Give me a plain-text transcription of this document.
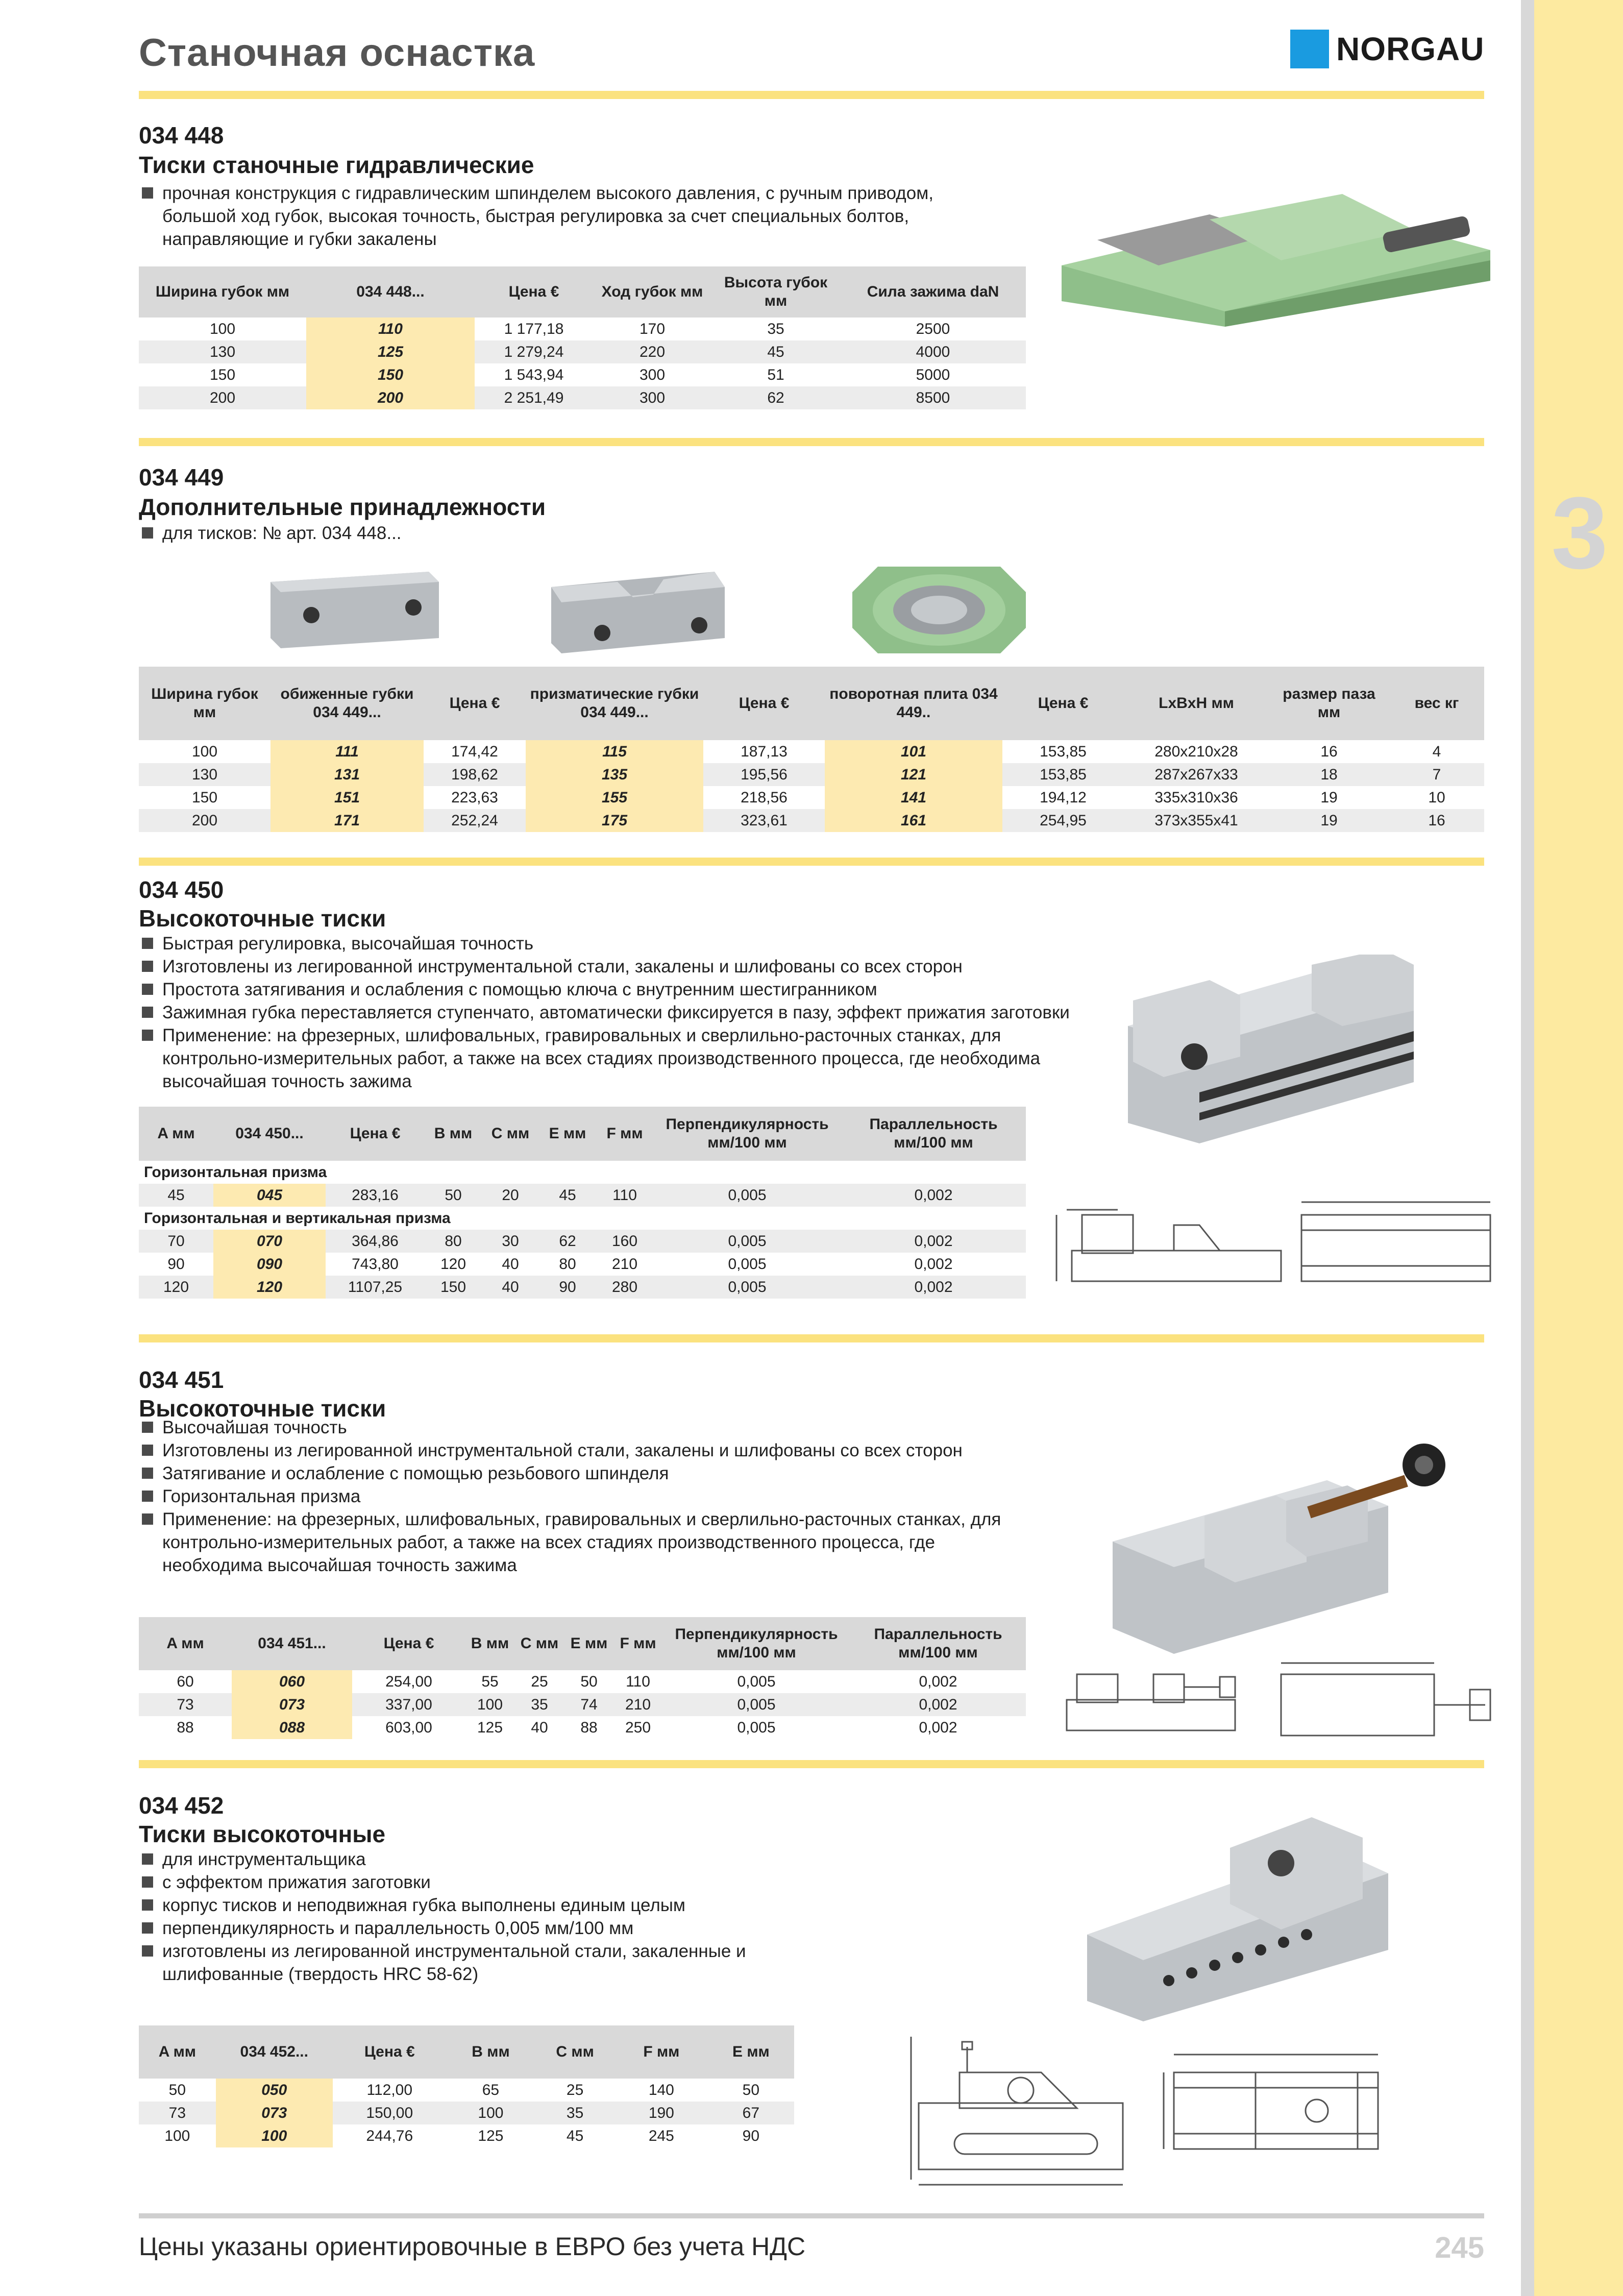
3
Станочная оснастка	NORGAU
034 448
Тиски станочные гидравлические
прочная конструкция с гидравлическим шпинделем высокого давления, с ручным приводом, большой ход губок, высокая точность, быстрая регулировка за счет специальных болтов, направляющие и губки закалены
Ширина губок мм	034 448...	Цена €	Ход губок мм	Высота губок мм	Сила зажима daN
100	110	1 177,18	170	35	2500
130	125	1 279,24	220	45	4000
150	150	1 543,94	300	51	5000
200	200	2 251,49	300	62	8500
034 449
Дополнительные принадлежности
для тисков: № арт. 034 448...
Ширина губок мм	обиженные губки 034 449...	Цена €	призматические губки 034 449...	Цена €	поворотная плита 034 449..	Цена €	LxBxH мм	размер паза мм	вес кг
100	111	174,42	115	187,13	101	153,85	280x210x28	16	4
130	131	198,62	135	195,56	121	153,85	287x267x33	18	7
150	151	223,63	155	218,56	141	194,12	335x310x36	19	10
200	171	252,24	175	323,61	161	254,95	373x355x41	19	16
034 450
Высокоточные тиски
Быстрая регулировка, высочайшая точность
Изготовлены из легированной инструментальной стали, закалены и шлифованы со всех сторон
Простота затягивания и ослабления с помощью ключа с внутренним шестигранником
Зажимная губка переставляется ступенчато, автоматически фиксируется в пазу, эффект прижатия заготовки
Применение: на фрезерных, шлифовальных, гравировальных и сверлильно-расточных станках, для контрольно-измерительных работ, а также на всех стадиях производственного процесса, где необходима высочайшая точность зажима
A мм	034 450...	Цена €	B мм	C мм	E мм	F мм	Перпендикулярность мм/100 мм	Параллельность мм/100 мм
Горизонтальная призма								
45	045	283,16	50	20	45	110	0,005	0,002
Горизонтальная и вертикальная призма								
70	070	364,86	80	30	62	160	0,005	0,002
90	090	743,80	120	40	80	210	0,005	0,002
120	120	1107,25	150	40	90	280	0,005	0,002
034 451
Высокоточные тиски
Высочайшая точность
Изготовлены из легированной инструментальной стали, закалены и шлифованы со всех сторон
Затягивание и ослабление с помощью резьбового шпинделя
Горизонтальная призма
Применение: на фрезерных, шлифовальных, гравировальных и сверлильно-расточных станках, для контрольно-измерительных работ, а также на всех стадиях производственного процесса, где необходима высочайшая точность зажима
A мм	034 451...	Цена €	B мм	C мм	E мм	F мм	Перпендикулярность мм/100 мм	Параллельность мм/100 мм
60	060	254,00	55	25	50	110	0,005	0,002
73	073	337,00	100	35	74	210	0,005	0,002
88	088	603,00	125	40	88	250	0,005	0,002
034 452
Тиски высокоточные
для инструментальщика
с эффектом прижатия заготовки
корпус тисков и неподвижная губка выполнены единым целым
перпендикулярность и параллельность 0,005 мм/100 мм
изготовлены из легированной инструментальной стали, закаленные и шлифованные (твердость HRC 58-62)
A мм	034 452...	Цена €	B мм	C мм	F мм	E мм
50	050	112,00	65	25	140	50
73	073	150,00	100	35	190	67
100	100	244,76	125	45	245	90
Цены указаны ориентировочные в ЕВРО без учета НДС	245
